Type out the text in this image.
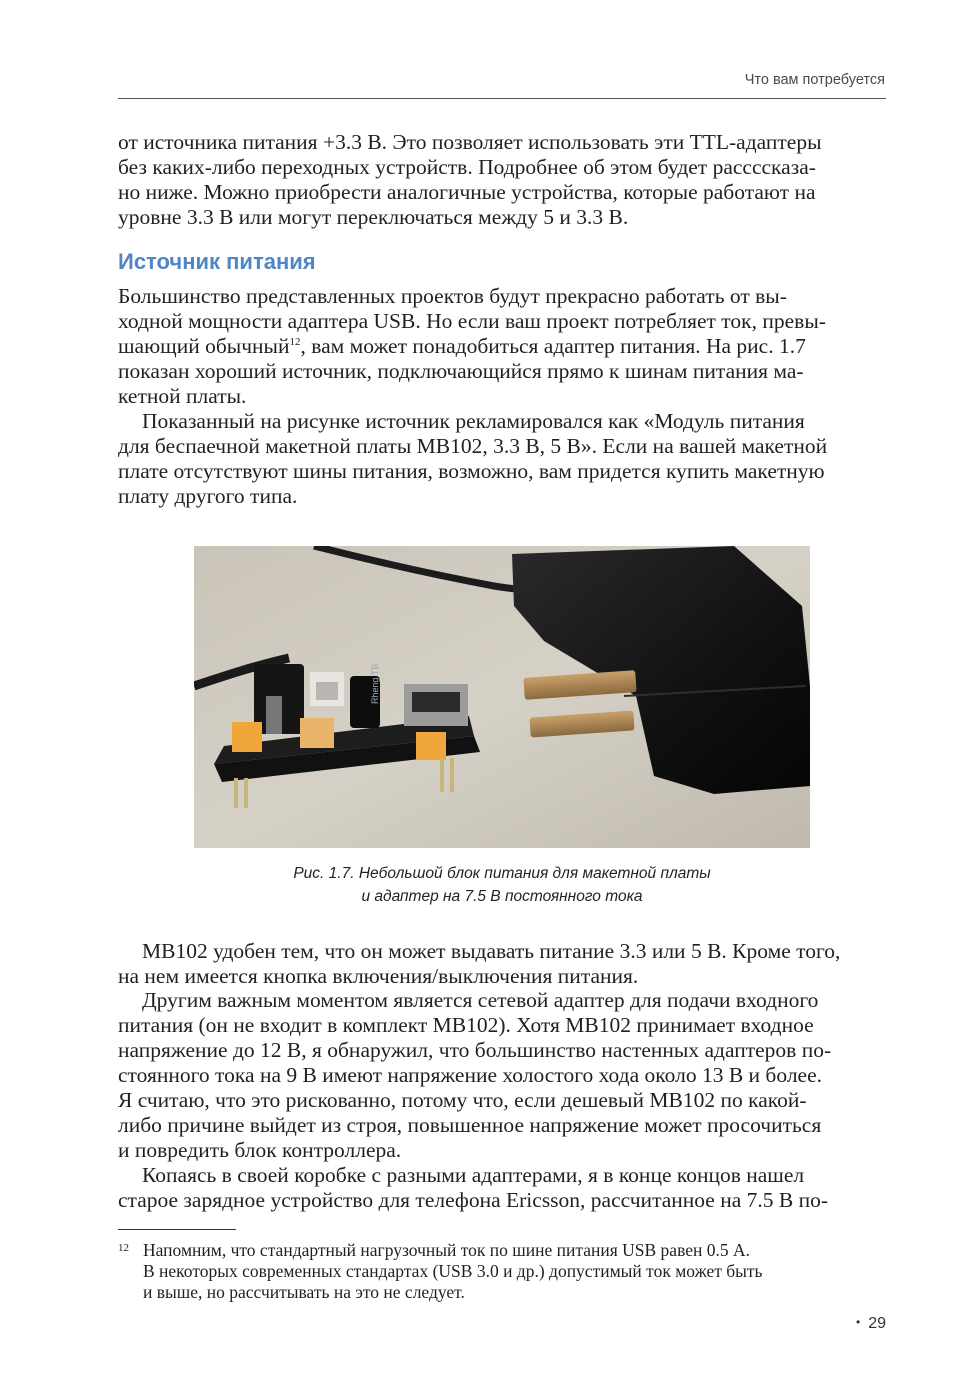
Что вам потребуется
от источника питания +3.3 В. Это позволяет использовать эти TTL-адаптеры
без каких-либо переходных устройств. Подробнее об этом будет рассссказа-
но ниже. Можно приобрести аналогичные устройства, которые работают на
уровне 3.3 В или могут переключаться между 5 и 3.3 В.
Источник питания
Большинство представленных проектов будут прекрасно работать от вы-
ходной мощности адаптера USB. Но если ваш проект потребляет ток, превы-
шающий обычный$^{12}$, вам может понадобиться адаптер питания. На рис. 1.7
показан хороший источник, подключающийся прямо к шинам питания ма-
кетной платы.
Показанный на рисунке источник рекламировался как «Модуль питания
для беспаечной макетной платы MB102, 3.3 В, 5 В». Если на вашей макетной
плате отсутствуют шины питания, возможно, вам придется купить макетную
плату другого типа.
Rheng TB
Рис. 1.7. Небольшой блок питания для макетной платы
и адаптер на 7.5 В постоянного тока
MB102 удобен тем, что он может выдавать питание 3.3 или 5 В. Кроме того,
на нем имеется кнопка включения/выключения питания.
Другим важным моментом является сетевой адаптер для подачи входного
питания (он не входит в комплект MB102). Хотя MB102 принимает входное
напряжение до 12 В, я обнаружил, что большинство настенных адаптеров по-
стоянного тока на 9 В имеют напряжение холостого хода около 13 В и более.
Я считаю, что это рискованно, потому что, если дешевый MB102 по какой-
либо причине выйдет из строя, повышенное напряжение может просочиться
и повредить блок контроллера.
Копаясь в своей коробке с разными адаптерами, я в конце концов нашел
старое зарядное устройство для телефона Ericsson, рассчитанное на 7.5 В по-
12 Напомним, что стандартный нагрузочный ток по шине питания USB равен 0.5 А.
В некоторых современных стандартах (USB 3.0 и др.) допустимый ток может быть
и выше, но рассчитывать на это не следует.
• 29
